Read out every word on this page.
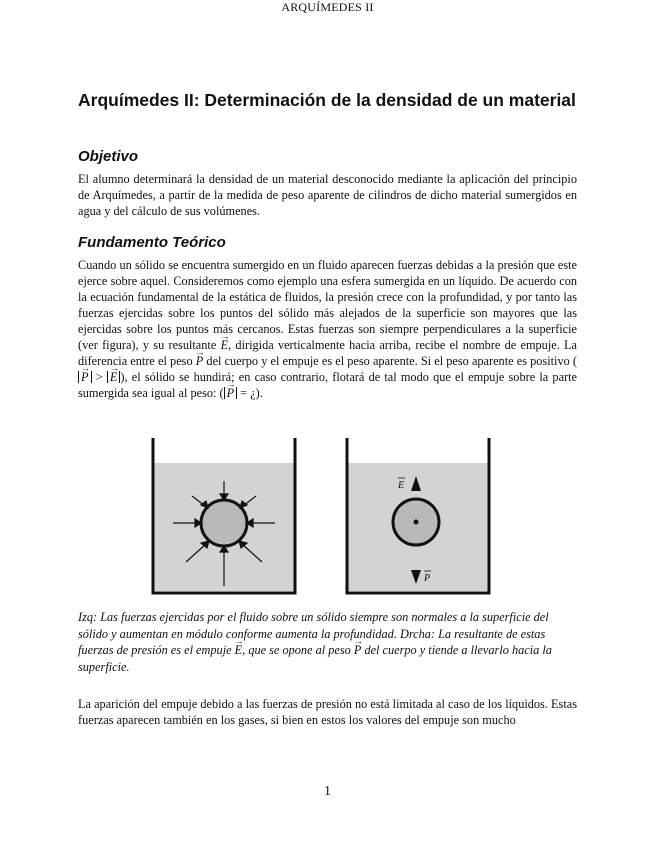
ARQUÍMEDES II
Arquímedes II: Determinación de la densidad de un material
Objetivo

El alumno determinará la densidad de un material desconocido mediante la aplicación del principio de Arquímedes, a partir de la medida de peso aparente de cilindros de dicho material sumergidos en agua y del cálculo de sus volúmenes.

Fundamento Teórico

Cuando un sólido se encuentra sumergido en un fluido aparecen fuerzas debidas a la presión que este ejerce sobre aquel. Consideremos como ejemplo una esfera sumergida en un líquido. De acuerdo con la ecuación fundamental de la estática de fluidos, la presión crece con la profundidad, y por tanto las fuerzas ejercidas sobre los puntos del sólido más alejados de la superficie son mayores que las ejercidas sobre los puntos más cercanos. Estas fuerzas son siempre perpendiculares a la superficie (ver figura), y su resultante → E, dirigida verticalmente hacia arriba, recibe el nombre de empuje. La diferencia entre el peso → P del cuerpo y el empuje es el peso aparente. Si el peso aparente es positivo (→ P > → E ), el sólido se hundirá; en caso contrario, flotará de tal modo que el empuje sobre la parte sumergida sea igual al peso: ( → P = ¿).

E
P

Izq: Las fuerzas ejercidas por el fluido sobre un sólido siempre son normales a la superficie del sólido y aumentan en módulo conforme aumenta la profundidad. Drcha: La resultante de estas fuerzas de presión es el empuje → E, que se opone al peso → P del cuerpo y tiende a llevarlo hacia la superficie.

La aparición del empuje debido a las fuerzas de presión no está limitada al caso de los líquidos. Estas fuerzas aparecen también en los gases, si bien en estos los valores del empuje son mucho

1
